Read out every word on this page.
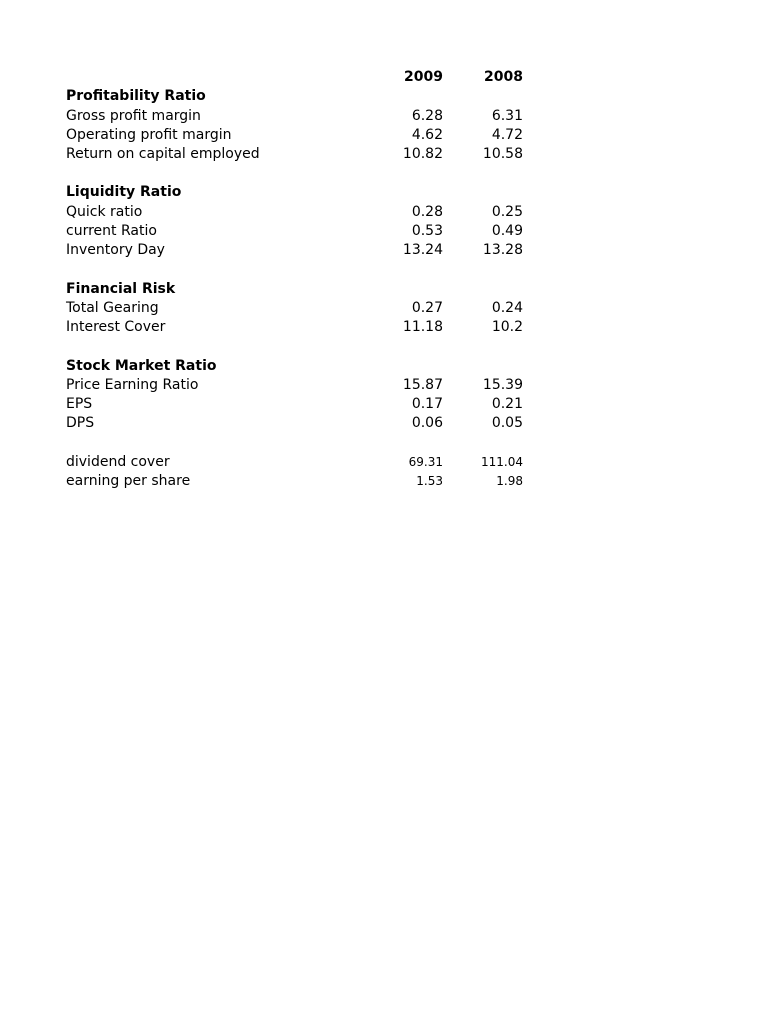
2009	2008
Profitability Ratio
Gross profit margin	6.28	6.31
Operating profit margin	4.62	4.72
Return on capital employed	10.82	10.58
Liquidity Ratio
Quick ratio	0.28	0.25
current Ratio	0.53	0.49
Inventory Day	13.24	13.28
Financial Risk
Total Gearing	0.27	0.24
Interest Cover	11.18	10.2
Stock Market Ratio
Price Earning Ratio	15.87	15.39
EPS	0.17	0.21
DPS	0.06	0.05
dividend cover	69.31	111.04
earning per share	1.53	1.98
